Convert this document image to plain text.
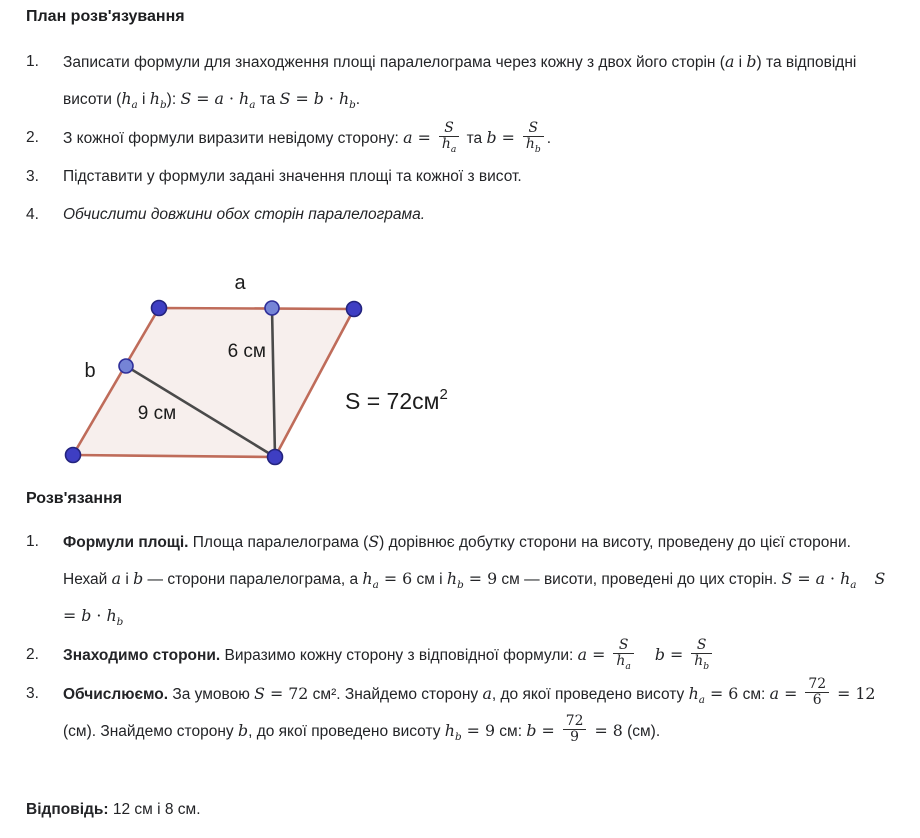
План розв'язування
1.	Записати формули для знаходження площі паралелограма через кожну з двох його сторін (a і b) та відповідні висоти ($h_a$ і $h_b$): $S = a \cdot h_a$ та $S = b \cdot h_b$.
2.	З кожної формули виразити невідому сторону: $a = \frac{S}{h_a}$ та $b = \frac{S}{h_b}$ .
3.	Підставити у формули задані значення площі та кожної з висот.
4.	Обчислити довжини обох сторін паралелограма.
a
b
6 см
9 см	$S = 72см^2$
Розв'язання
1.	Формули площі. Площа паралелограма (S) дорівнює добутку сторони на висоту, проведену до цієї сторони. Нехай a і b — сторони паралелограма, а $h_a = 6$ см і $h_b = 9$ см — висоти, проведені до цих сторін. $S = a \cdot h_a$ $S = b \cdot h_b$
2.	Знаходимо сторони. Виразимо кожну сторону з відповідної формули: $a = \frac{S}{h_a}$ $b = \frac{S}{h_b}$
3.	Обчислюємо. За умовою S = 72 см². Знайдемо сторону a, до якої проведено висоту $h_a = 6$ см: $a = \frac{72}{6} = 12$ (см). Знайдемо сторону b, до якої проведено висоту $h_b = 9$ см: $b = \frac{72}{9} = 8$ (см).
Відповідь: 12 см і 8 см.
